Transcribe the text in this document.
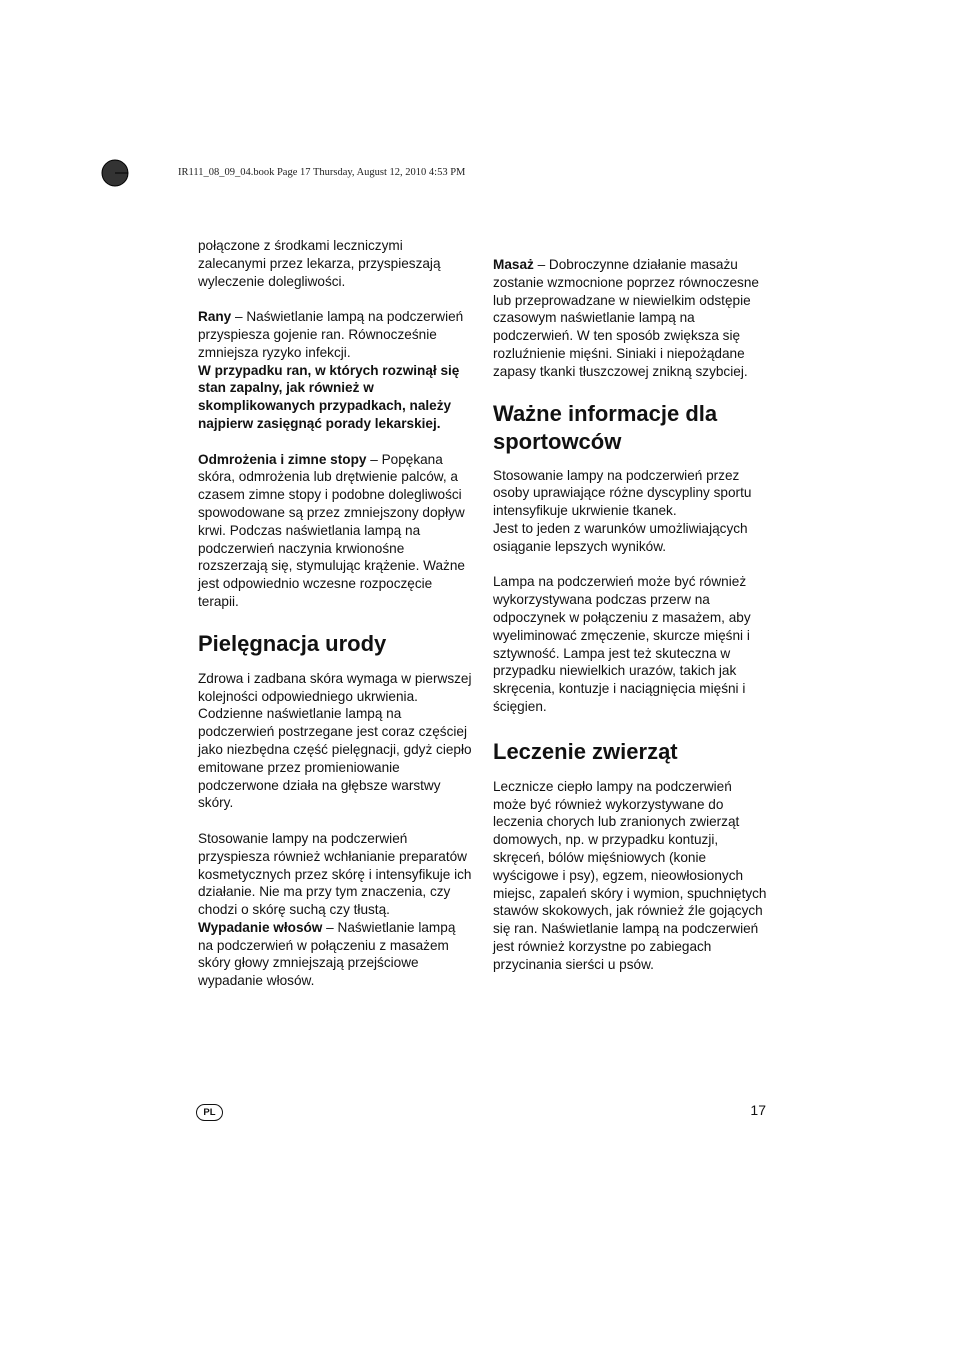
IR111_08_09_04.book Page 17 Thursday, August 12, 2010 4:53 PM

połączone z środkami leczniczymi zalecanymi przez lekarza, przyspieszają wyleczenie dolegliwości.

Rany – Naświetlanie lampą na podczerwień przyspiesza gojenie ran. Równocześnie zmniejsza ryzyko infekcji.

W przypadku ran, w których rozwinął się stan zapalny, jak również w skomplikowanych przypadkach, należy najpierw zasięgnąć porady lekarskiej.

Odmrożenia i zimne stopy – Popękana skóra, odmrożenia lub drętwienie palców, a czasem zimne stopy i podobne dolegliwości spowodowane są przez zmniejszony dopływ krwi. Podczas naświetlania lampą na podczerwień naczynia krwionośne rozszerzają się, stymulując krążenie. Ważne jest odpowiednio wczesne rozpoczęcie terapii.

Pielęgnacja urody

Zdrowa i zadbana skóra wymaga w pierwszej kolejności odpowiedniego ukrwienia. Codzienne naświetlanie lampą na podczerwień postrzegane jest coraz częściej jako niezbędna część pielęgnacji, gdyż ciepło emitowane przez promieniowanie podczerwone działa na głębsze warstwy skóry.

Stosowanie lampy na podczerwień przyspiesza również wchłanianie preparatów kosmetycznych przez skórę i intensyfikuje ich działanie. Nie ma przy tym znaczenia, czy chodzi o skórę suchą czy tłustą.

Wypadanie włosów – Naświetlanie lampą na podczerwień w połączeniu z masażem skóry głowy zmniejszają przejściowe wypadanie włosów.

Masaż – Dobroczynne działanie masażu zostanie wzmocnione poprzez równoczesne lub przeprowadzane w niewielkim odstępie czasowym naświetlanie lampą na podczerwień. W ten sposób zwiększa się rozluźnienie mięśni. Siniaki i niepożądane zapasy tkanki tłuszczowej znikną szybciej.

Ważne informacje dla sportowców

Stosowanie lampy na podczerwień przez osoby uprawiające różne dyscypliny sportu intensyfikuje ukrwienie tkanek.

Jest to jeden z warunków umożliwiających osiąganie lepszych wyników.

Lampa na podczerwień może być również wykorzystywana podczas przerw na odpoczynek w połączeniu z masażem, aby wyeliminować zmęczenie, skurcze mięśni i sztywność. Lampa jest też skuteczna w przypadku niewielkich urazów, takich jak skręcenia, kontuzje i naciągnięcia mięśni i ścięgien.

Leczenie zwierząt

Lecznicze ciepło lampy na podczerwień może być również wykorzystywane do leczenia chorych lub zranionych zwierząt domowych, np. w przypadku kontuzji, skręceń, bólów mięśniowych (konie wyścigowe i psy), egzem, nieowłosionych miejsc, zapaleń skóry i wymion, spuchniętych stawów skokowych, jak również źle gojących się ran. Naświetlanie lampą na podczerwień jest również korzystne po zabiegach przycinania sierści u psów.

PL	17
